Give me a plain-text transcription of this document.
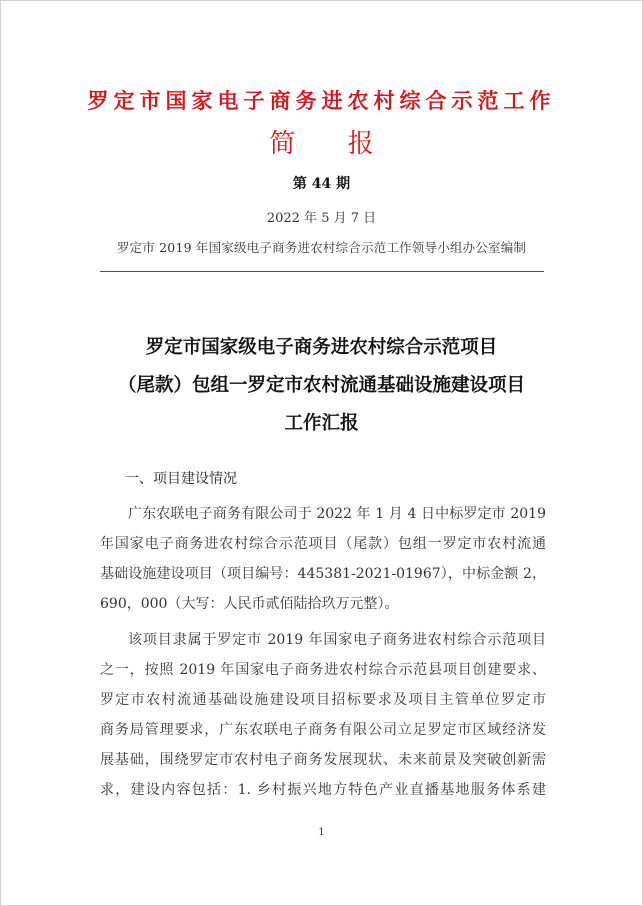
罗定市国家电子商务进农村综合示范工作
简 报
第 44 期
2022 年 5 月 7 日
罗定市 2019 年国家级电子商务进农村综合示范工作领导小组办公室编制
罗定市国家级电子商务进农村综合示范项目
（尾款）包组一罗定市农村流通基础设施建设项目
工作汇报
一、项目建设情况
广东农联电子商务有限公司于 2022 年 1 月 4 日中标罗定市 2019
年国家电子商务进农村综合示范项目（尾款）包组一罗定市农村流通
基础设施建设项目（项目编号：445381-2021-01967），中标金额 2，
690，000（大写：人民币贰佰陆拾玖万元整）。
该项目隶属于罗定市 2019 年国家电子商务进农村综合示范项目
之一，按照 2019 年国家电子商务进农村综合示范县项目创建要求、
罗定市农村流通基础设施建设项目招标要求及项目主管单位罗定市
商务局管理要求，广东农联电子商务有限公司立足罗定市区域经济发
展基础，围绕罗定市农村电子商务发展现状、未来前景及突破创新需
求，建设内容包括：1. 乡村振兴地方特色产业直播基地服务体系建
1
